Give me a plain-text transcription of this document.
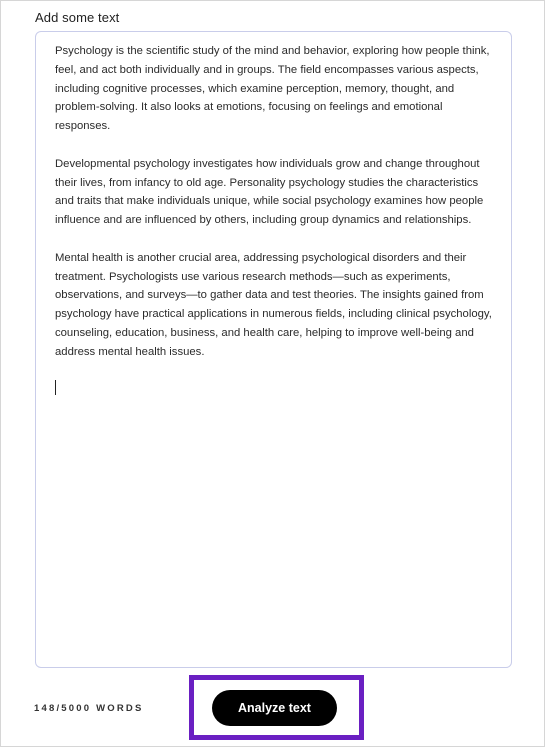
Add some text

Psychology is the scientific study of the mind and behavior, exploring how people think, feel, and act both individually and in groups. The field encompasses various aspects, including cognitive processes, which examine perception, memory, thought, and problem-solving. It also looks at emotions, focusing on feelings and emotional responses.

Developmental psychology investigates how individuals grow and change throughout their lives, from infancy to old age. Personality psychology studies the characteristics and traits that make individuals unique, while social psychology examines how people influence and are influenced by others, including group dynamics and relationships.

Mental health is another crucial area, addressing psychological disorders and their treatment. Psychologists use various research methods—such as experiments, observations, and surveys—to gather data and test theories. The insights gained from psychology have practical applications in numerous fields, including clinical psychology, counseling, education, business, and health care, helping to improve well-being and address mental health issues.

148/5000 WORDS	Analyze text
